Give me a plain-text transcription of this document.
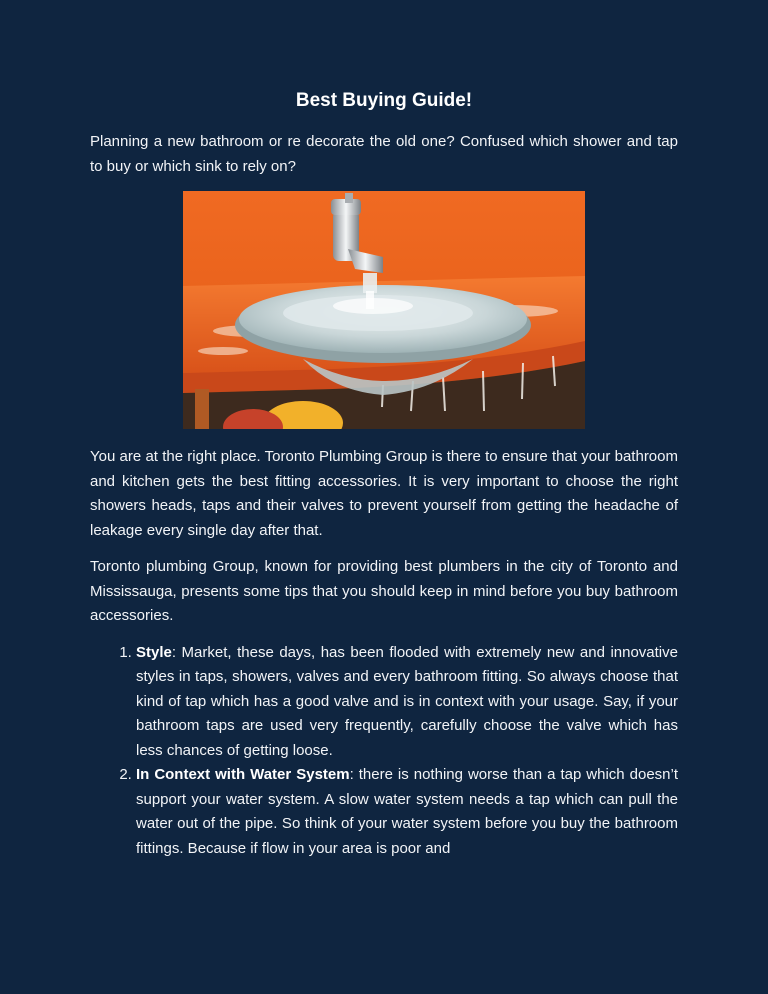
Best Buying Guide!

Planning a new bathroom or re decorate the old one? Confused which shower and tap to buy or which sink to rely on?

You are at the right place. Toronto Plumbing Group is there to ensure that your bathroom and kitchen gets the best fitting accessories. It is very important to choose the right showers heads, taps and their valves to prevent yourself from getting the headache of leakage every single day after that.

Toronto plumbing Group, known for providing best plumbers in the city of Toronto and Mississauga, presents some tips that you should keep in mind before you buy bathroom accessories.

1. Style: Market, these days, has been flooded with extremely new and innovative styles in taps, showers, valves and every bathroom fitting. So always choose that kind of tap which has a good valve and is in context with your usage. Say, if your bathroom taps are used very frequently, carefully choose the valve which has less chances of getting loose.
2. In Context with Water System: there is nothing worse than a tap which doesn’t support your water system. A slow water system needs a tap which can pull the water out of the pipe. So think of your water system before you buy the bathroom fittings. Because if flow in your area is poor and
